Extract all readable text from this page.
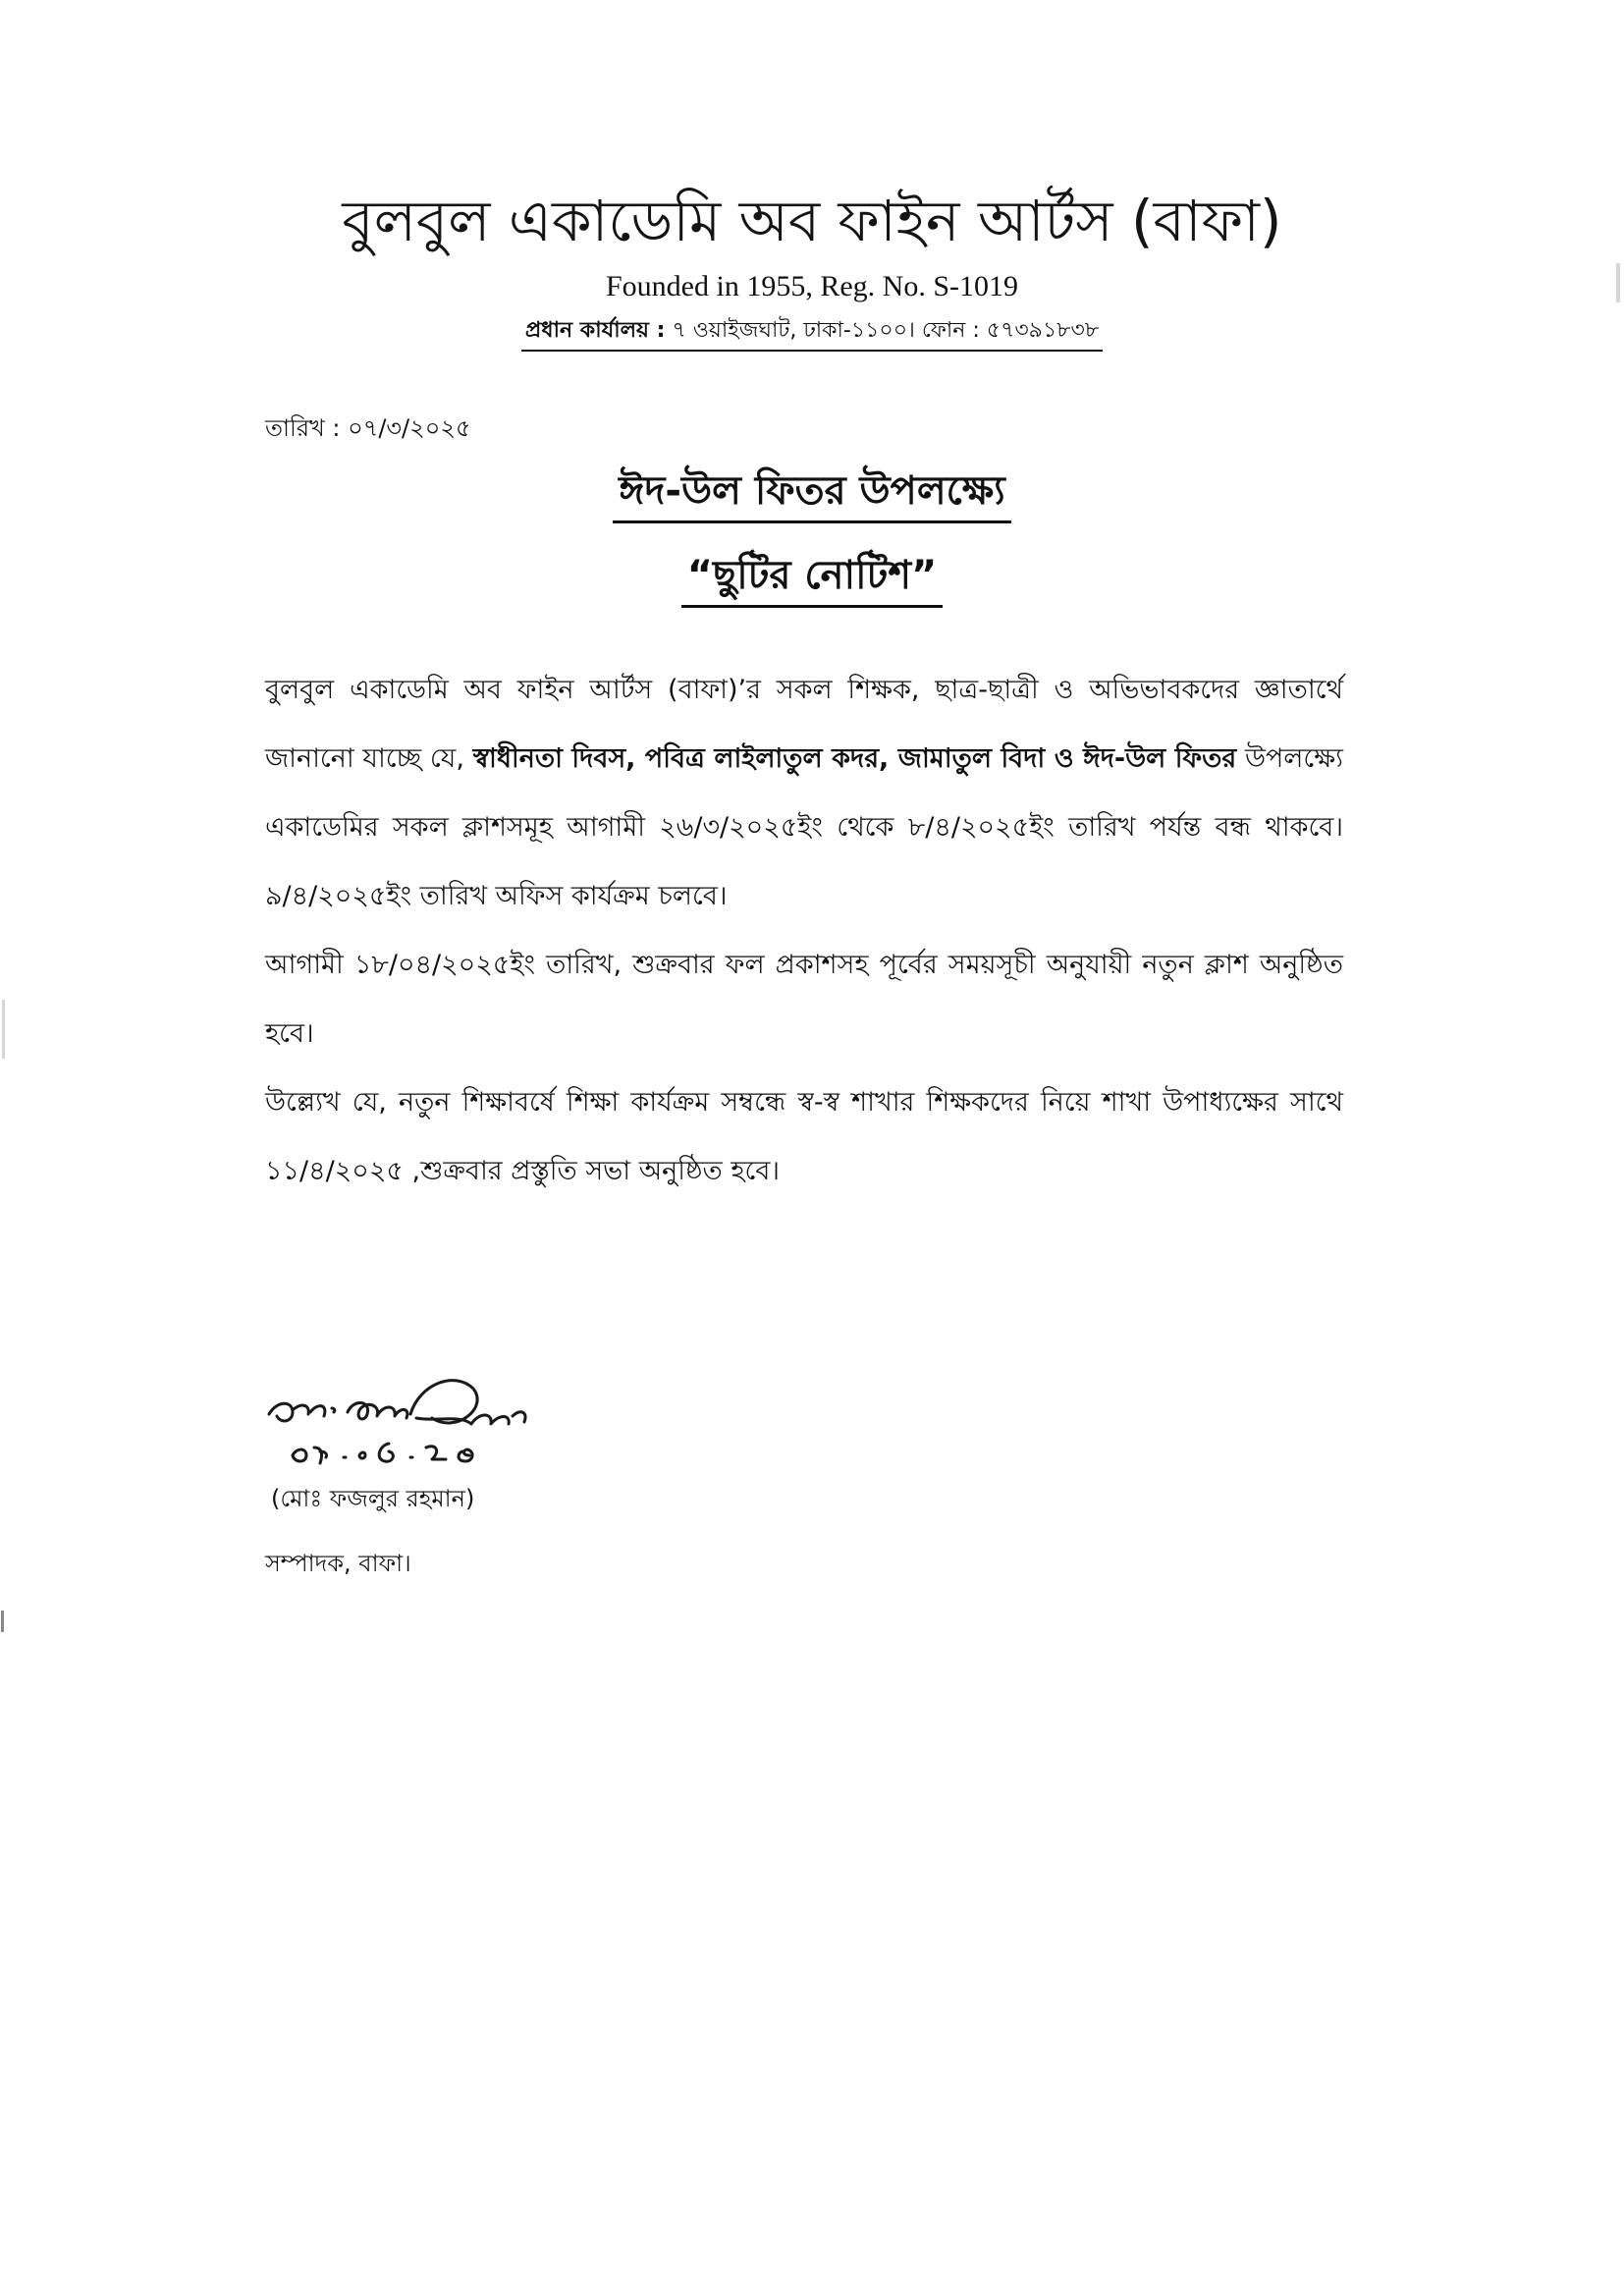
বুলবুল একাডেমি অব ফাইন আর্টস (বাফা)
Founded in 1955, Reg. No. S-1019
প্রধান কার্যালয় : ৭ ওয়াইজঘাট, ঢাকা-১১০০। ফোন : ৫৭৩৯১৮৩৮
তারিখ : ০৭/৩/২০২৫
ঈদ-উল ফিতর উপলক্ষ্যে
“ছুটির নোটিশ”

বুলবুল একাডেমি অব ফাইন আর্টস (বাফা)’র সকল শিক্ষক, ছাত্র-ছাত্রী ও অভিভাবকদের জ্ঞাতার্থে জানানো যাচ্ছে যে, স্বাধীনতা দিবস, পবিত্র লাইলাতুল কদর, জামাতুল বিদা ও ঈদ-উল ফিতর উপলক্ষ্যে একাডেমির সকল ক্লাশসমূহ আগামী ২৬/৩/২০২৫ইং থেকে ৮/৪/২০২৫ইং তারিখ পর্যন্ত বন্ধ থাকবে। ৯/৪/২০২৫ইং তারিখ অফিস কার্যক্রম চলবে।

আগামী ১৮/০৪/২০২৫ইং তারিখ, শুক্রবার ফল প্রকাশসহ পূর্বের সময়সূচী অনুযায়ী নতুন ক্লাশ অনুষ্ঠিত হবে।

উল্ল্যেখ যে, নতুন শিক্ষাবর্ষে শিক্ষা কার্যক্রম সম্বন্ধে স্ব-স্ব শাখার শিক্ষকদের নিয়ে শাখা উপাধ্যক্ষের সাথে ১১/৪/২০২৫ ,শুক্রবার প্রস্তুতি সভা অনুষ্ঠিত হবে।

(মোঃ ফজলুর রহমান)
সম্পাদক, বাফা।
